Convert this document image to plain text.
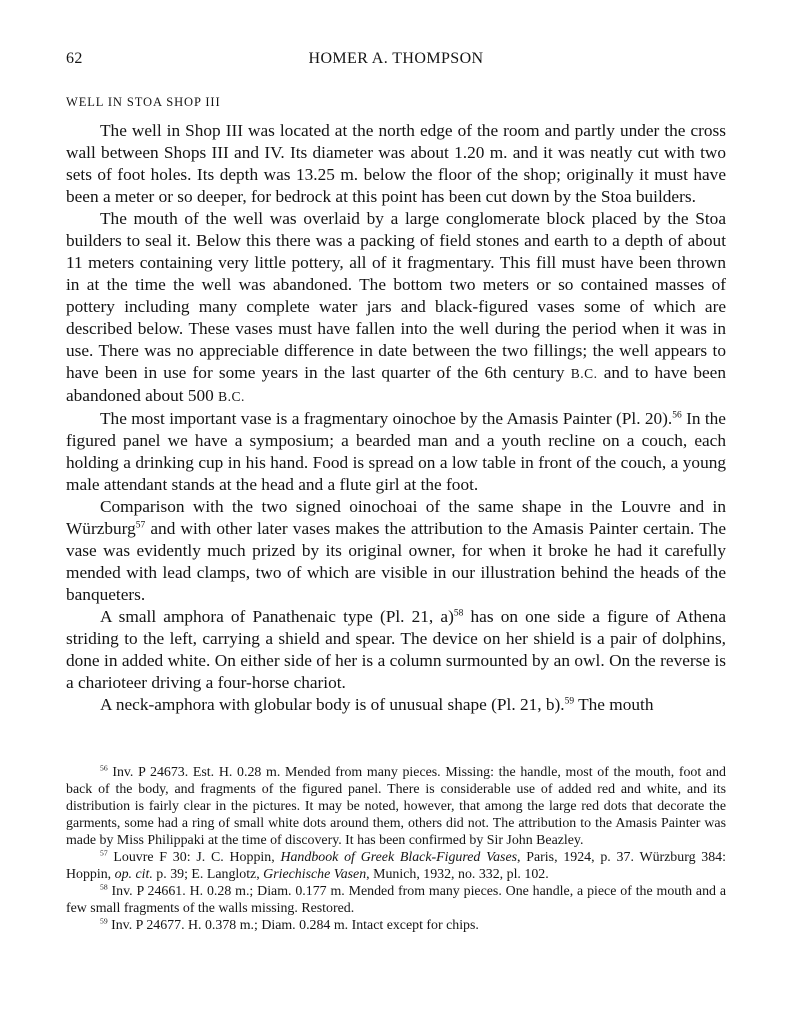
62	HOMER A. THOMPSON
WELL IN STOA SHOP III

The well in Shop III was located at the north edge of the room and partly under the cross wall between Shops III and IV. Its diameter was about 1.20 m. and it was neatly cut with two sets of foot holes. Its depth was 13.25 m. below the floor of the shop; originally it must have been a meter or so deeper, for bedrock at this point has been cut down by the Stoa builders.

The mouth of the well was overlaid by a large conglomerate block placed by the Stoa builders to seal it. Below this there was a packing of field stones and earth to a depth of about 11 meters containing very little pottery, all of it fragmentary. This fill must have been thrown in at the time the well was abandoned. The bottom two meters or so contained masses of pottery including many complete water jars and black-figured vases some of which are described below. These vases must have fallen into the well during the period when it was in use. There was no appreciable difference in date between the two fillings; the well appears to have been in use for some years in the last quarter of the 6th century B.C. and to have been abandoned about 500 B.C.

The most important vase is a fragmentary oinochoe by the Amasis Painter (Pl. 20).$^{56}$ In the figured panel we have a symposium; a bearded man and a youth recline on a couch, each holding a drinking cup in his hand. Food is spread on a low table in front of the couch, a young male attendant stands at the head and a flute girl at the foot.

Comparison with the two signed oinochoai of the same shape in the Louvre and in Würzburg$^{57}$ and with other later vases makes the attribution to the Amasis Painter certain. The vase was evidently much prized by its original owner, for when it broke he had it carefully mended with lead clamps, two of which are visible in our illustration behind the heads of the banqueters.

A small amphora of Panathenaic type (Pl. 21, a)$^{58}$ has on one side a figure of Athena striding to the left, carrying a shield and spear. The device on her shield is a pair of dolphins, done in added white. On either side of her is a column surmounted by an owl. On the reverse is a charioteer driving a four-horse chariot.

A neck-amphora with globular body is of unusual shape (Pl. 21, b).$^{59}$ The mouth

$^{56}$ Inv. P 24673. Est. H. 0.28 m. Mended from many pieces. Missing: the handle, most of the mouth, foot and back of the body, and fragments of the figured panel. There is considerable use of added red and white, and its distribution is fairly clear in the pictures. It may be noted, however, that among the large red dots that decorate the garments, some had a ring of small white dots around them, others did not. The attribution to the Amasis Painter was made by Miss Philippaki at the time of discovery. It has been confirmed by Sir John Beazley.

$^{57}$ Louvre F 30: J. C. Hoppin, Handbook of Greek Black-Figured Vases, Paris, 1924, p. 37. Würzburg 384: Hoppin, op. cit. p. 39; E. Langlotz, Griechische Vasen, Munich, 1932, no. 332, pl. 102.

$^{58}$ Inv. P 24661. H. 0.28 m.; Diam. 0.177 m. Mended from many pieces. One handle, a piece of the mouth and a few small fragments of the walls missing. Restored.

$^{59}$ Inv. P 24677. H. 0.378 m.; Diam. 0.284 m. Intact except for chips.
